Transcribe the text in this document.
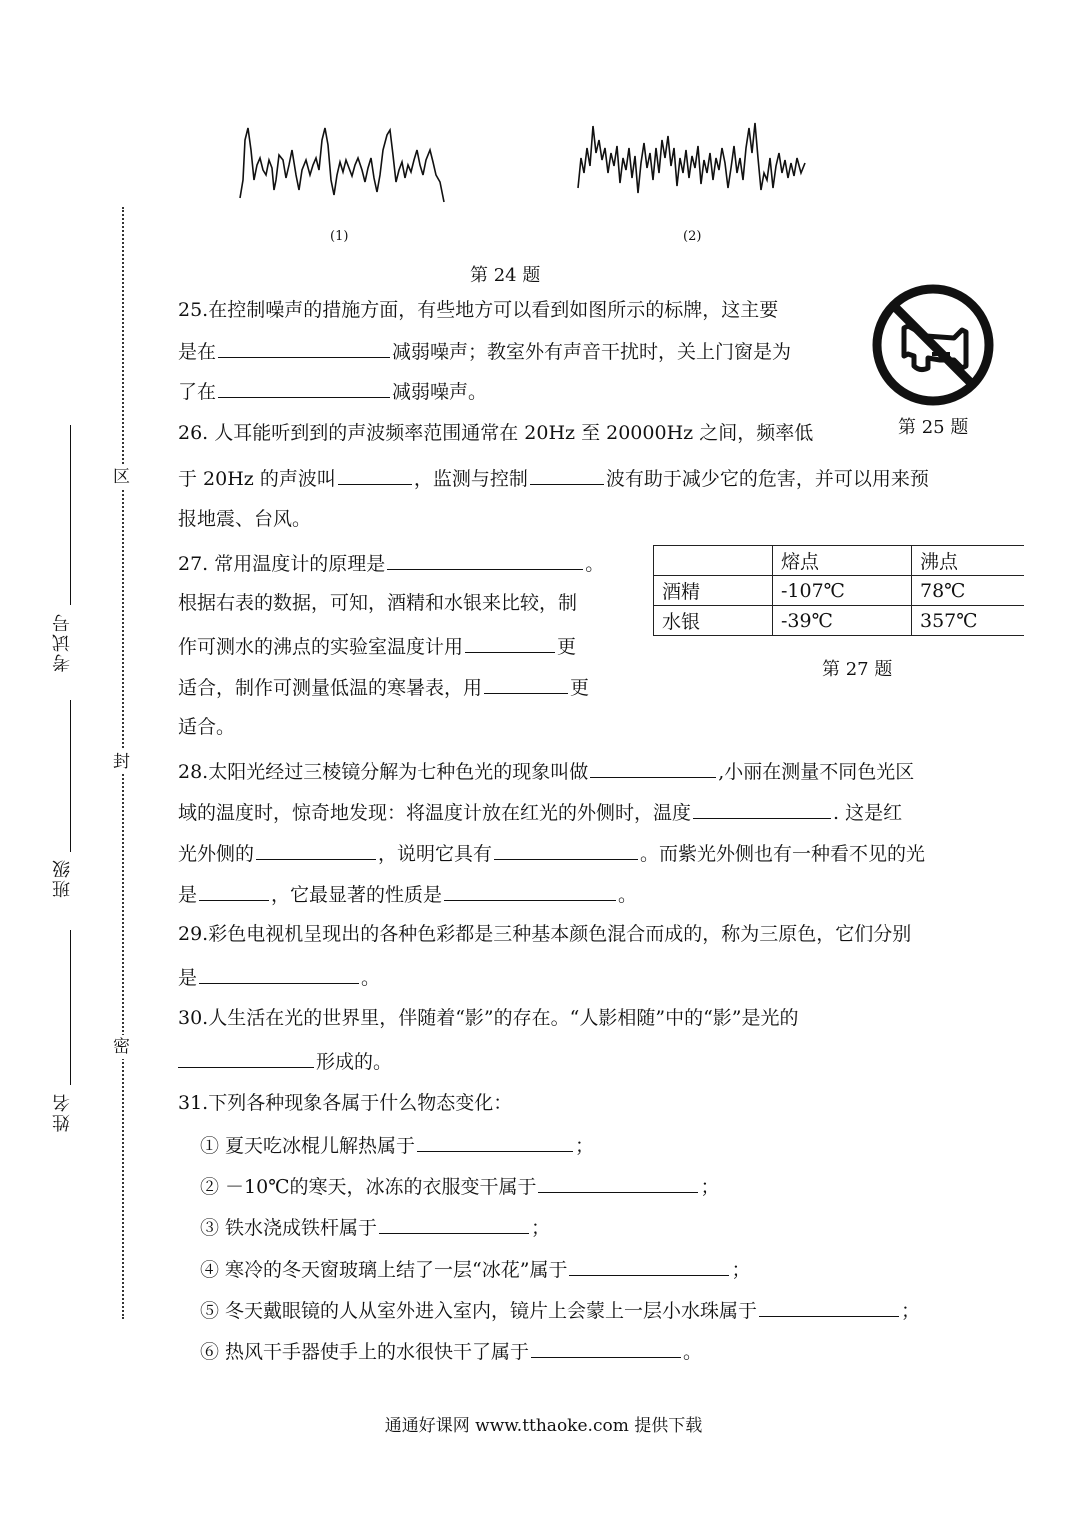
区
封
密
考试号
班级
姓名
(1)	(2)
第 24 题
第 25 题
25.在控制噪声的措施方面，有些地方可以看到如图所示的标牌，这主要
是在	减弱噪声；教室外有声音干扰时，关上门窗是为
了在	减弱噪声。
26. 人耳能听到到的声波频率范围通常在 20Hz 至 20000Hz 之间，频率低
于 20Hz 的声波叫	，监测与控制	波有助于减少它的危害，并可以用来预
报地震、台风。
27. 常用温度计的原理是	。
根据右表的数据，可知，酒精和水银来比较，制
作可测水的沸点的实验室温度计用	更
适合，制作可测量低温的寒暑表，用	更
适合。
	熔点	沸点
酒精	-107℃	78℃
水银	-39℃	357℃
第 27 题
28.太阳光经过三棱镜分解为七种色光的现象叫做	,小丽在测量不同色光区
域的温度时，惊奇地发现：将温度计放在红光的外侧时，温度	. 这是红
光外侧的	，说明它具有	。而紫光外侧也有一种看不见的光
是	，它最显著的性质是	。
29.彩色电视机呈现出的各种色彩都是三种基本颜色混合而成的，称为三原色，它们分别
是	。
30.人生活在光的世界里，伴随着“影”的存在。“人影相随”中的“影”是光的
形成的。
31.下列各种现象各属于什么物态变化：
① 夏天吃冰棍儿解热属于	；
② －10℃的寒天，冰冻的衣服变干属于	；
③ 铁水浇成铁杆属于	；
④ 寒冷的冬天窗玻璃上结了一层“冰花”属于	；
⑤ 冬天戴眼镜的人从室外进入室内，镜片上会蒙上一层小水珠属于	；
⑥ 热风干手器使手上的水很快干了属于	。
通通好课网 www.tthaoke.com 提供下载
